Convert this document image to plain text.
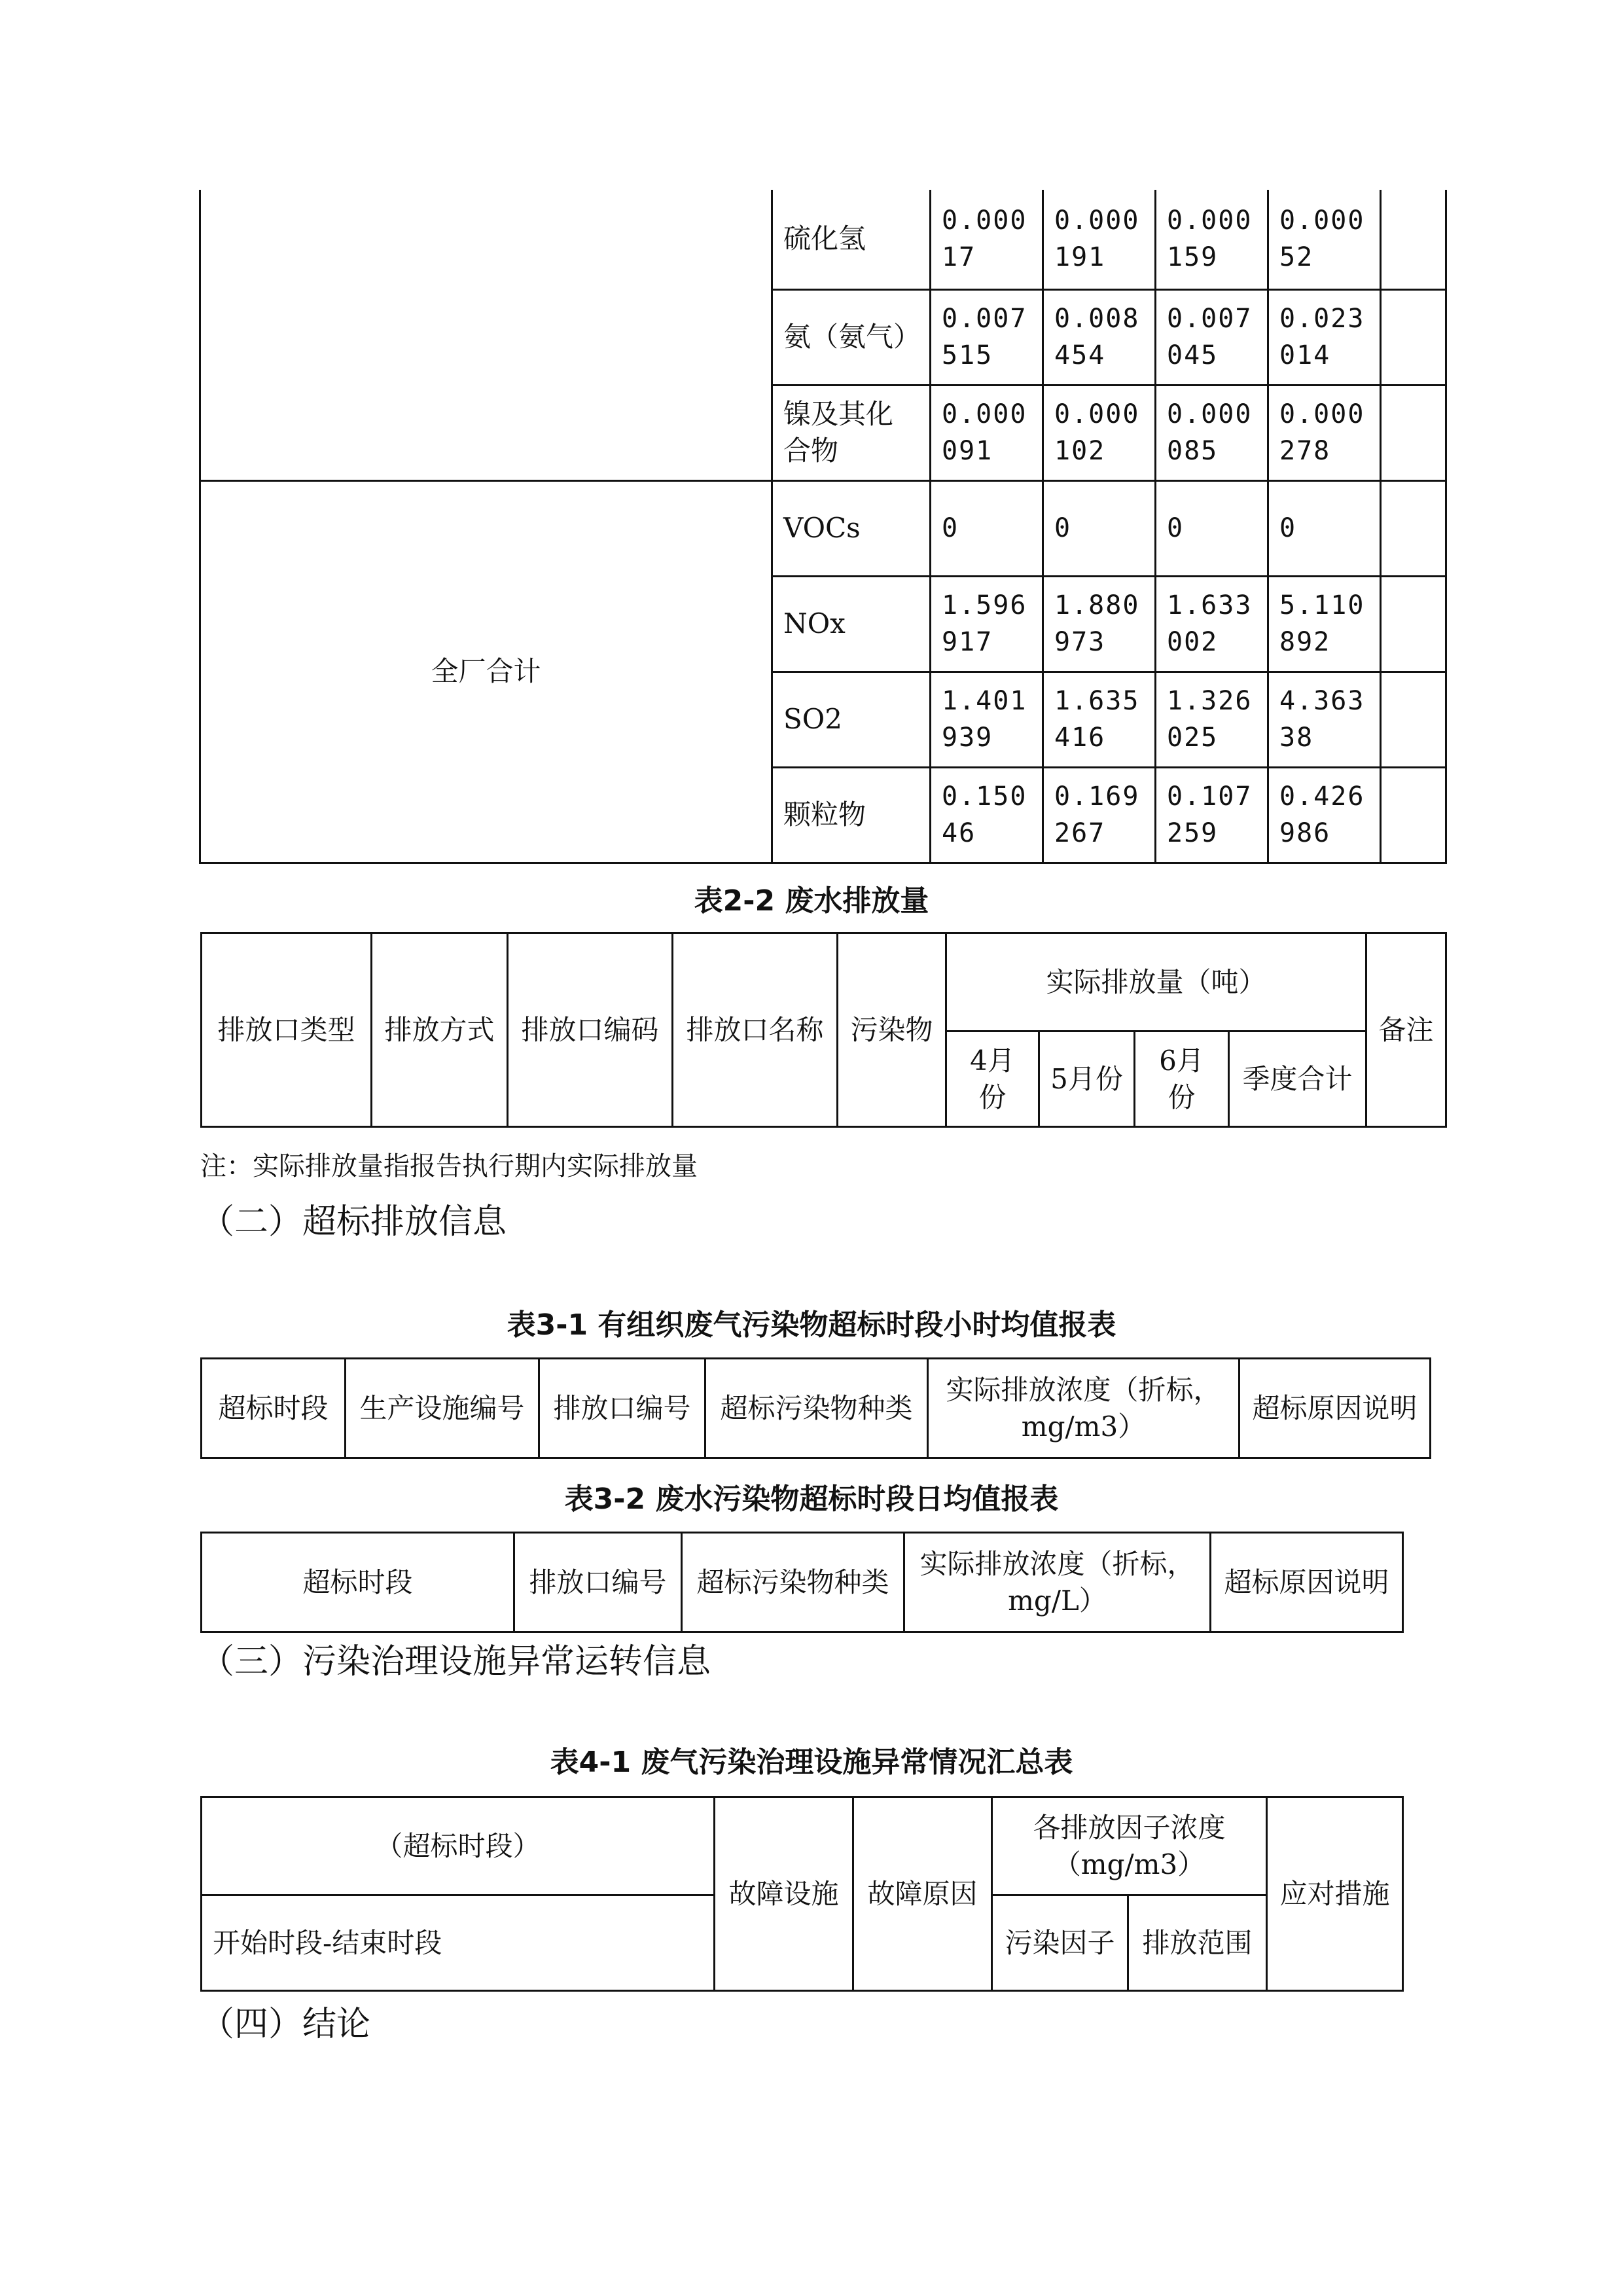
	硫化氢	0.00017	0.000191	0.000159	0.00052	
	氨（氨气）	0.007515	0.008454	0.007045	0.023014	
	镍及其化合物	0.000091	0.000102	0.000085	0.000278	
全厂合计	VOCs	0	0	0	0	
	NOx	1.596917	1.880973	1.633002	5.110892	
	SO2	1.401939	1.635416	1.326025	4.36338	
	颗粒物	0.15046	0.169267	0.107259	0.426986	
表2-2 废水排放量
排放口类型	排放方式	排放口编码	排放口名称	污染物	实际排放量（吨）				备注
					4月份	5月份	6月份	季度合计	
注：实际排放量指报告执行期内实际排放量
（二）超标排放信息
表3-1 有组织废气污染物超标时段小时均值报表
超标时段	生产设施编号	排放口编号	超标污染物种类	实际排放浓度（折标，mg/m3）	超标原因说明
表3-2 废水污染物超标时段日均值报表
超标时段	排放口编号	超标污染物种类	实际排放浓度（折标，mg/L）	超标原因说明
（三）污染治理设施异常运转信息
表4-1 废气污染治理设施异常情况汇总表
（超标时段）	故障设施	故障原因	各排放因子浓度（mg/m3）		应对措施
开始时段-结束时段			污染因子	排放范围	
（四）结论
